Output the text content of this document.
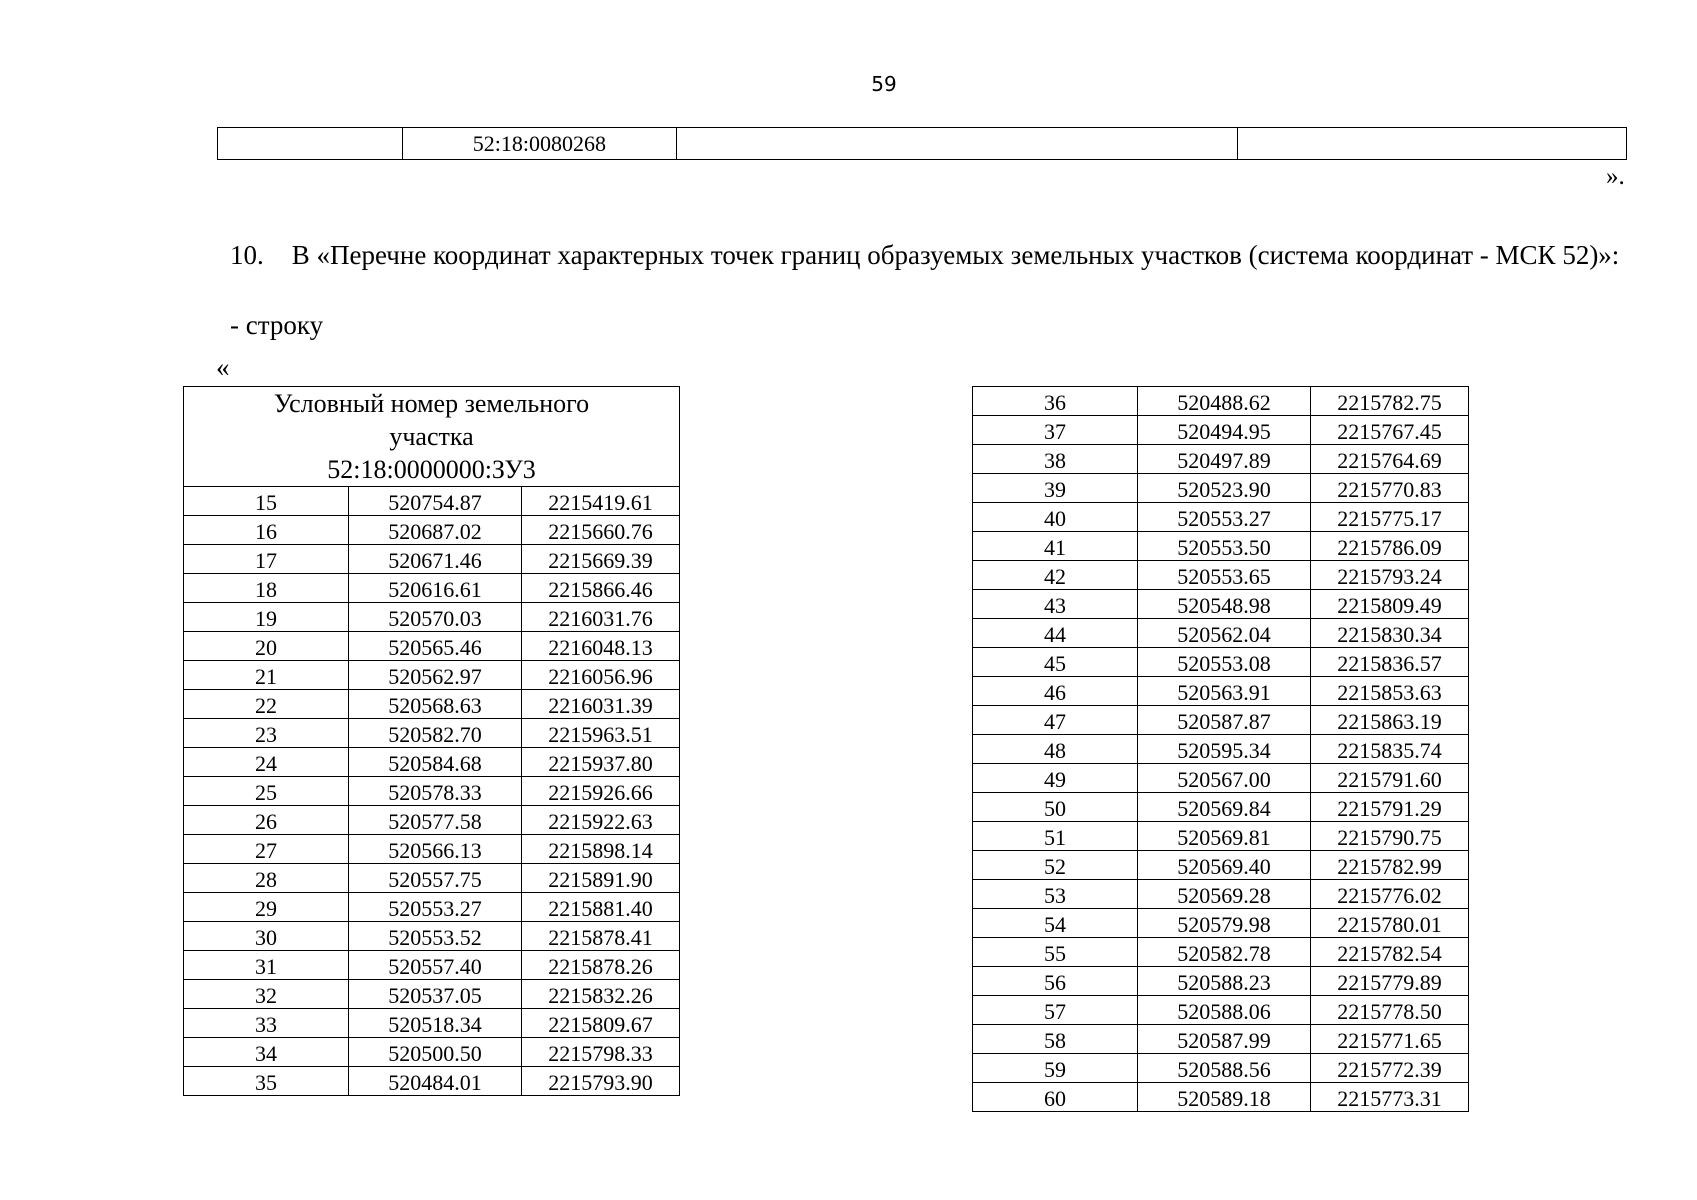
59
	52:18:0080268		
».
10. В «Перечне координат характерных точек границ образуемых земельных участков (система координат - МСК 52)»:
- строку
«
Условный номер земельного
участка
52:18:0000000:ЗУ3		

15	520754.87	2215419.61
16	520687.02	2215660.76
17	520671.46	2215669.39
18	520616.61	2215866.46
19	520570.03	2216031.76
20	520565.46	2216048.13
21	520562.97	2216056.96
22	520568.63	2216031.39
23	520582.70	2215963.51
24	520584.68	2215937.80
25	520578.33	2215926.66
26	520577.58	2215922.63
27	520566.13	2215898.14
28	520557.75	2215891.90
29	520553.27	2215881.40
30	520553.52	2215878.41
31	520557.40	2215878.26
32	520537.05	2215832.26
33	520518.34	2215809.67
34	520500.50	2215798.33
35	520484.01	2215793.90
36	520488.62	2215782.75
37	520494.95	2215767.45
38	520497.89	2215764.69
39	520523.90	2215770.83
40	520553.27	2215775.17
41	520553.50	2215786.09
42	520553.65	2215793.24
43	520548.98	2215809.49
44	520562.04	2215830.34
45	520553.08	2215836.57
46	520563.91	2215853.63
47	520587.87	2215863.19
48	520595.34	2215835.74
49	520567.00	2215791.60
50	520569.84	2215791.29
51	520569.81	2215790.75
52	520569.40	2215782.99
53	520569.28	2215776.02
54	520579.98	2215780.01
55	520582.78	2215782.54
56	520588.23	2215779.89
57	520588.06	2215778.50
58	520587.99	2215771.65
59	520588.56	2215772.39
60	520589.18	2215773.31
